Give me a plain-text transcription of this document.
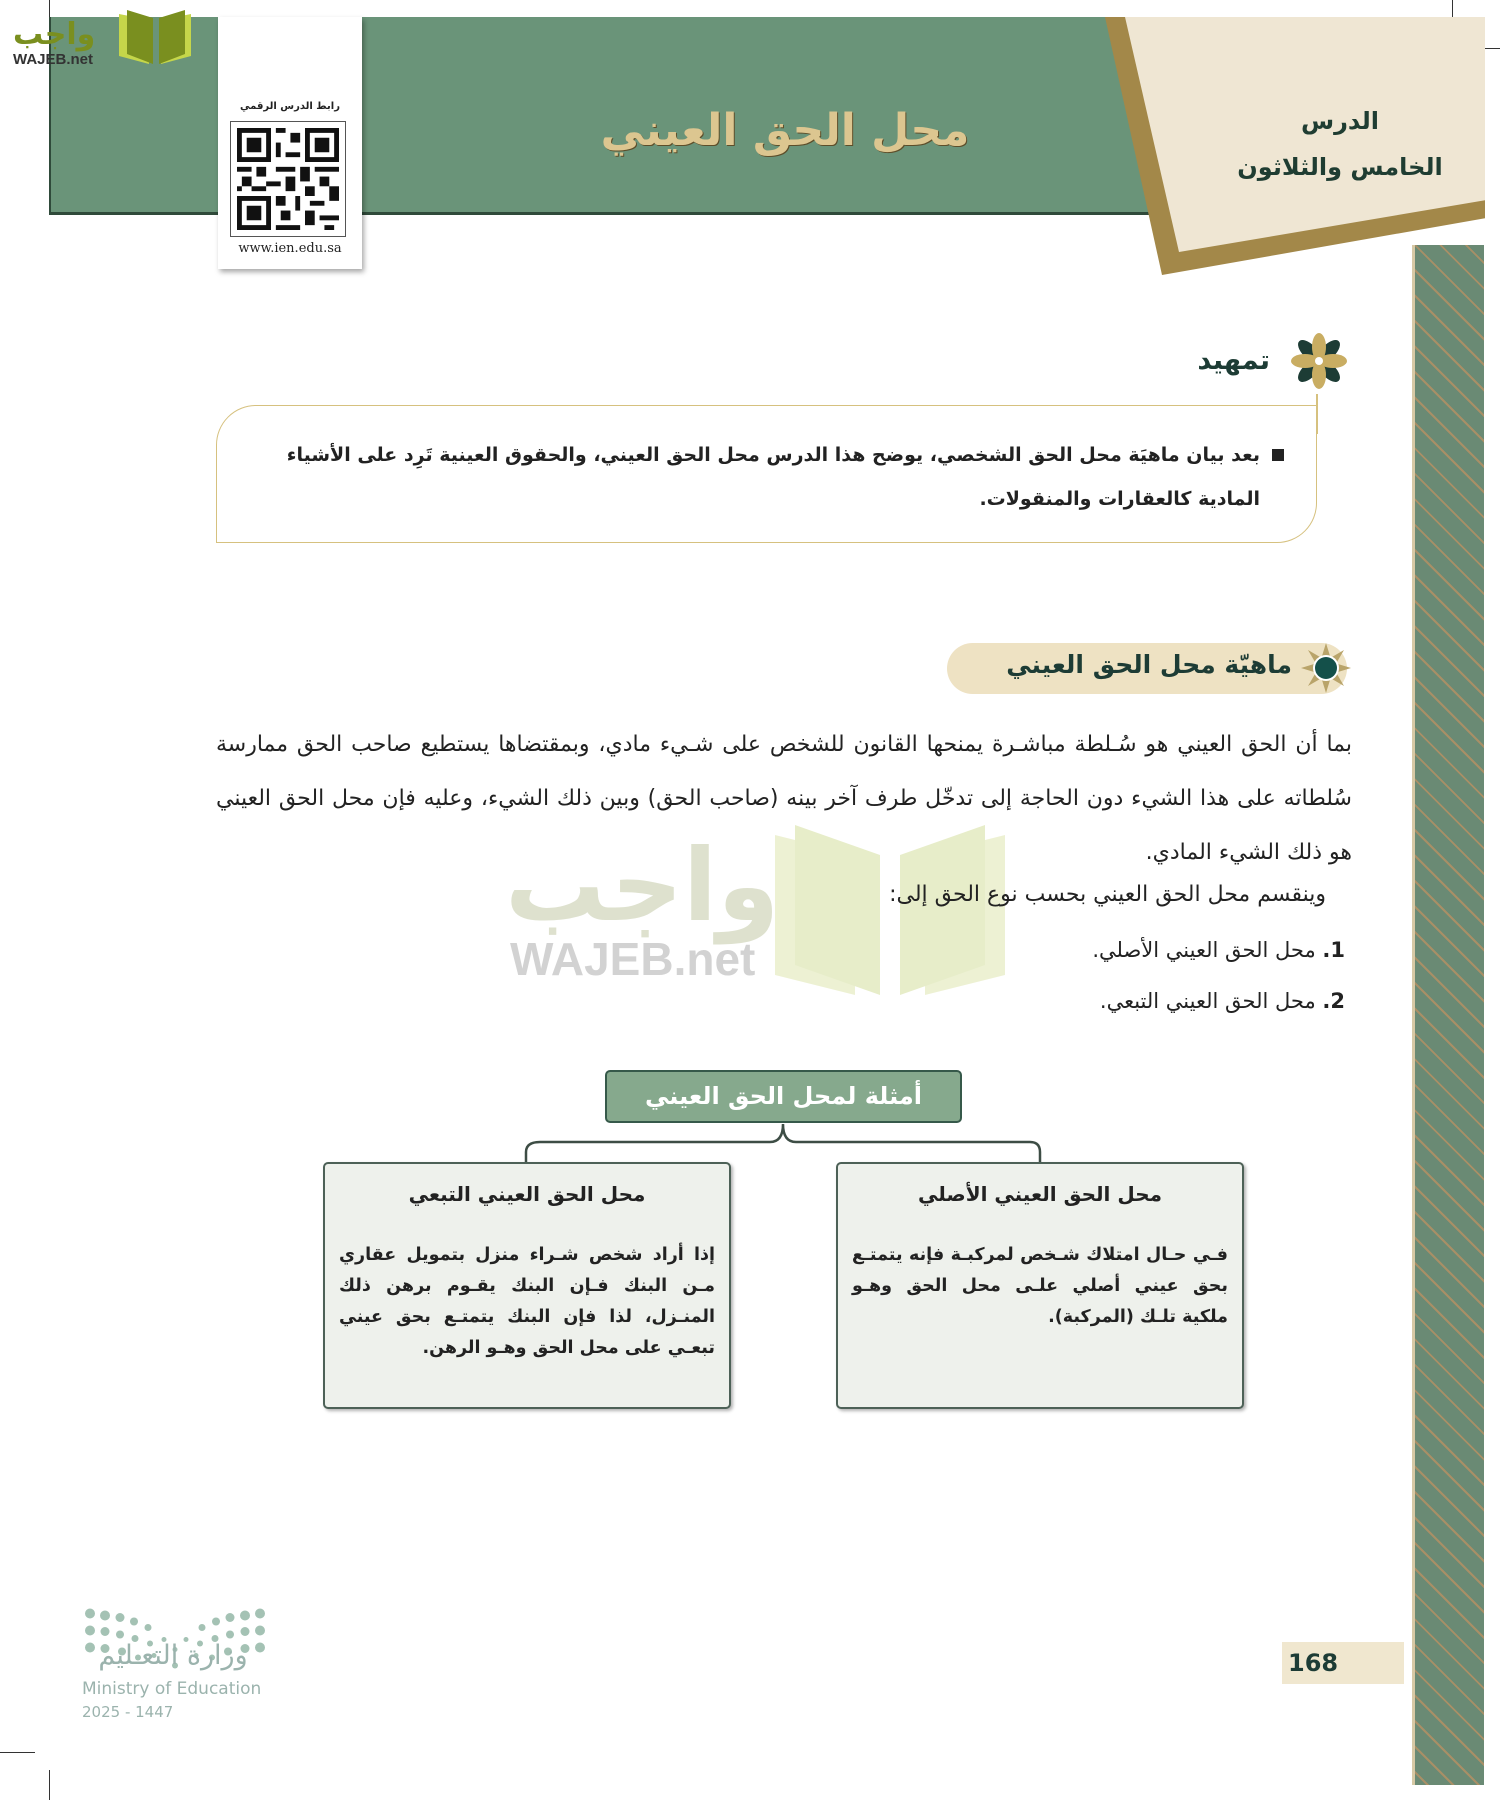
محل الحق العيني
رابط الدرس الرقمي
www.ien.edu.sa
الدرس
الخامس والثلاثون
واجب
WAJEB.net
تمهيد
بعد بيان ماهيَة محل الحق الشخصي، يوضح هذا الدرس محل الحق العيني، والحقوق العينية تَرِد على الأشياء المادية كالعقارات والمنقولات.
ماهيّة محل الحق العيني
واجب
WAJEB.net
بما أن الحق العيني هو سُـلطة مباشـرة يمنحها القانون للشخص على شـيء مادي، وبمقتضاها يستطيع صاحب الحق ممارسة سُلطاته على هذا الشيء دون الحاجة إلى تدخّل طرف آخر بينه (صاحب الحق) وبين ذلك الشيء، وعليه فإن محل الحق العيني هو ذلك الشيء المادي.
وينقسم محل الحق العيني بحسب نوع الحق إلى:
1. محل الحق العيني الأصلي.
2. محل الحق العيني التبعي.
أمثلة لمحل الحق العيني
محل الحق العيني الأصلي
فـي حـال امتلاك شـخص لمركبـة فإنه يتمتـع بحق عيني أصلي علـى محل الحق وهـو ملكية تلـك (المركبة).
محل الحق العيني التبعي
إذا أراد شخص شـراء منزل بتمويل عقاري مـن البنك فـإن البنك يقـوم برهن ذلك المنـزل، لذا فإن البنك يتمتـع بحق عيني تبعـي على محل الحق وهـو الرهن.
وزارة التعـليم
Ministry of Education
2025 - 1447
168
